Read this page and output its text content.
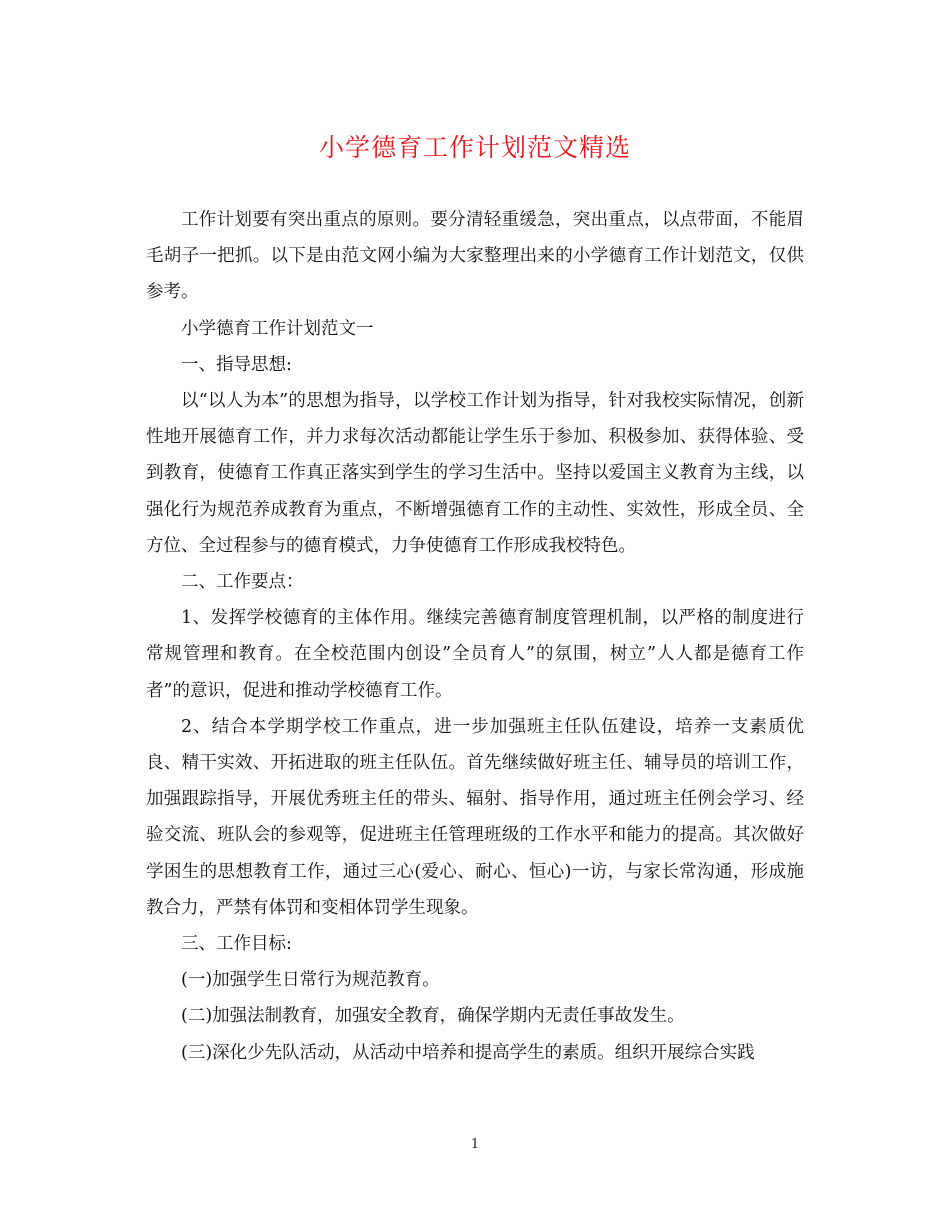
小学德育工作计划范文精选

工作计划要有突出重点的原则。要分清轻重缓急，突出重点，以点带面，不能眉毛胡子一把抓。以下是由范文网小编为大家整理出来的小学德育工作计划范文，仅供参考。

小学德育工作计划范文一

一、指导思想:

以“以人为本”的思想为指导，以学校工作计划为指导，针对我校实际情况，创新性地开展德育工作，并力求每次活动都能让学生乐于参加、积极参加、获得体验、受到教育，使德育工作真正落实到学生的学习生活中。坚持以爱国主义教育为主线，以强化行为规范养成教育为重点，不断增强德育工作的主动性、实效性，形成全员、全方位、全过程参与的德育模式，力争使德育工作形成我校特色。

二、工作要点：

1、发挥学校德育的主体作用。继续完善德育制度管理机制，以严格的制度进行常规管理和教育。在全校范围内创设”全员育人”的氛围，树立”人人都是德育工作者”的意识，促进和推动学校德育工作。

2、结合本学期学校工作重点，进一步加强班主任队伍建设，培养一支素质优良、精干实效、开拓进取的班主任队伍。首先继续做好班主任、辅导员的培训工作，加强跟踪指导，开展优秀班主任的带头、辐射、指导作用，通过班主任例会学习、经验交流、班队会的参观等，促进班主任管理班级的工作水平和能力的提高。其次做好学困生的思想教育工作，通过三心(爱心、耐心、恒心)一访，与家长常沟通，形成施教合力，严禁有体罚和变相体罚学生现象。

三、工作目标:

(一)加强学生日常行为规范教育。

(二)加强法制教育，加强安全教育，确保学期内无责任事故发生。

(三)深化少先队活动，从活动中培养和提高学生的素质。组织开展综合实践

1
